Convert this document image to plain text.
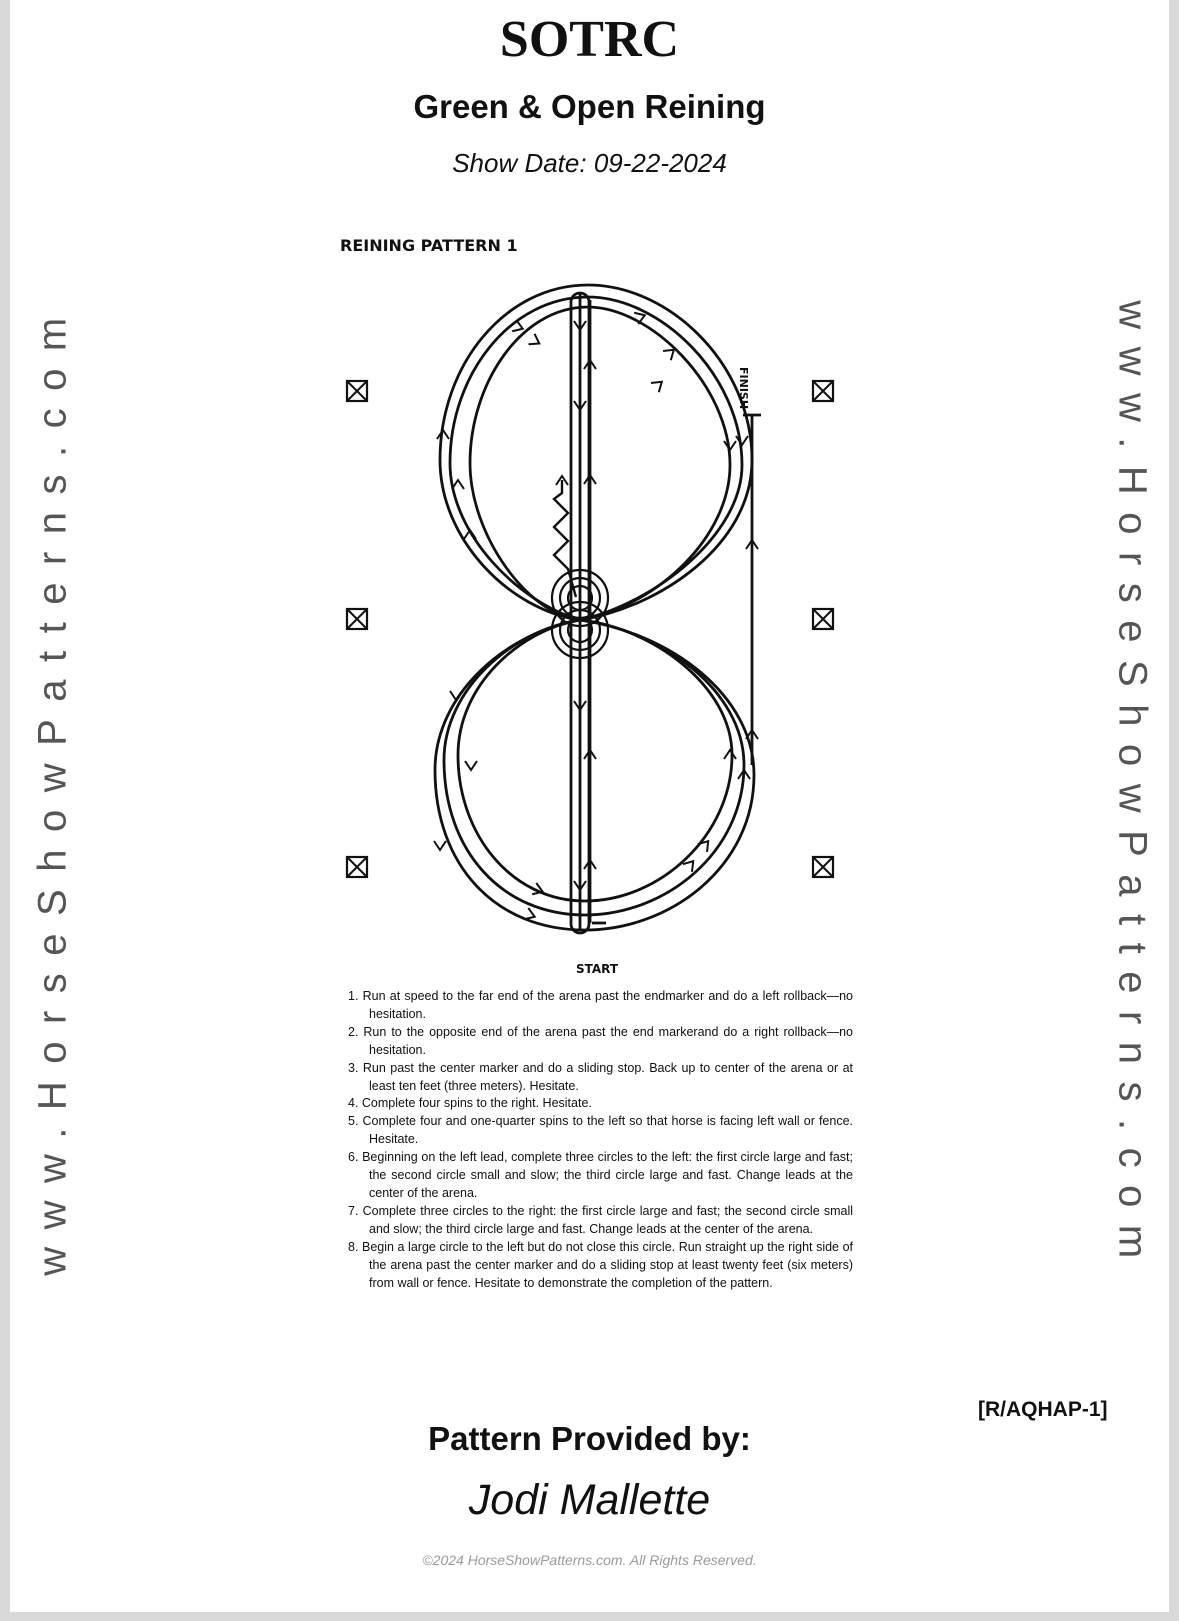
SOTRC
Green & Open Reining
Show Date: 09-22-2024
www.HorseShowPatterns.com	www.HorseShowPatterns.com
REINING PATTERN 1
FINISH
START
1. Run at speed to the far end of the arena past the endmarker and do a left rollback—no hesitation.
2. Run to the opposite end of the arena past the end markerand do a right rollback—no hesitation.
3. Run past the center marker and do a sliding stop. Back up to center of the arena or at least ten feet (three meters). Hesitate.
4. Complete four spins to the right. Hesitate.
5. Complete four and one-quarter spins to the left so that horse is facing left wall or fence. Hesitate.
6. Beginning on the left lead, complete three circles to the left: the first circle large and fast; the second circle small and slow; the third circle large and fast. Change leads at the center of the arena.
7. Complete three circles to the right: the first circle large and fast; the second circle small and slow; the third circle large and fast. Change leads at the center of the arena.
8. Begin a large circle to the left but do not close this circle. Run straight up the right side of the arena past the center marker and do a sliding stop at least twenty feet (six meters) from wall or fence. Hesitate to demonstrate the completion of the pattern.
[R/AQHAP-1]
Pattern Provided by:
Jodi Mallette
©2024 HorseShowPatterns.com. All Rights Reserved.
